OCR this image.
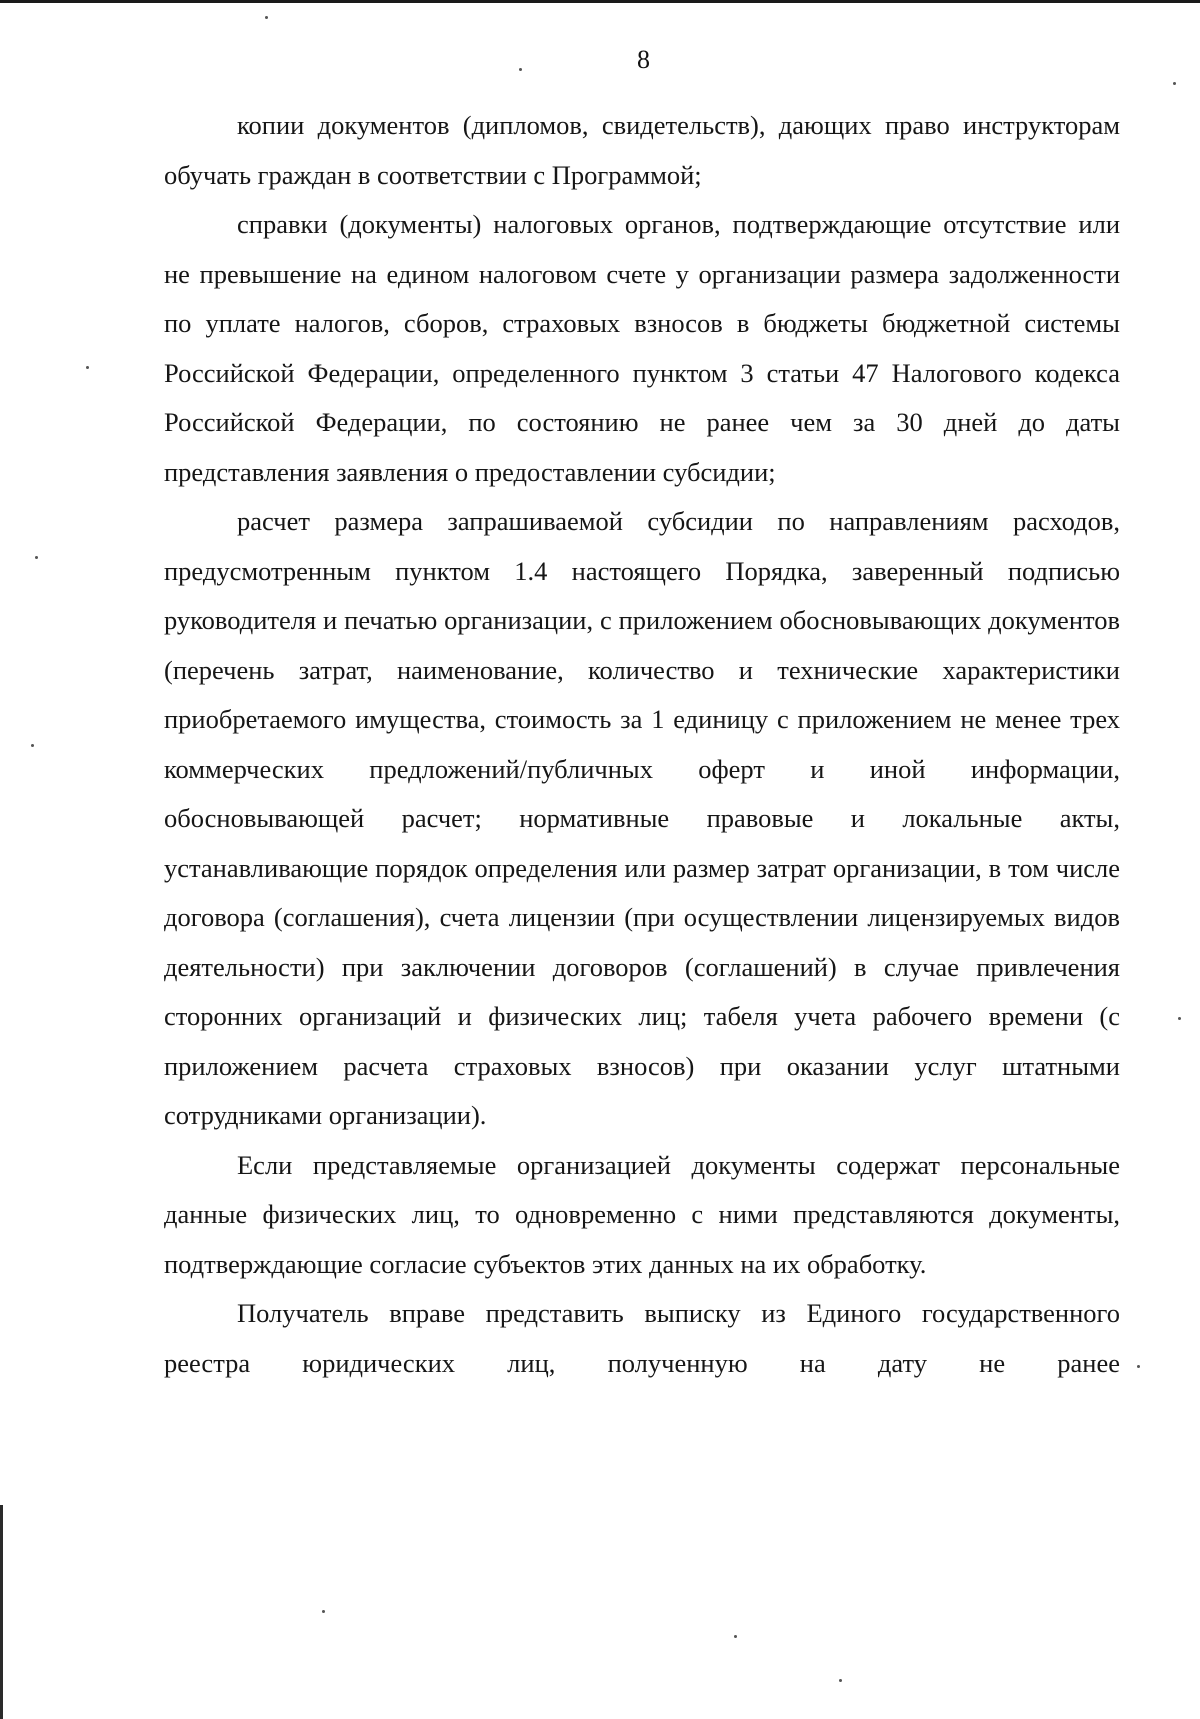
8

копии документов (дипломов, свидетельств), дающих право инструкторам обучать граждан в соответствии с Программой;

справки (документы) налоговых органов, подтверждающие отсутствие или не превышение на едином налоговом счете у организации размера задолженности по уплате налогов, сборов, страховых взносов в бюджеты бюджетной системы Российской Федерации, определенного пунктом 3 статьи 47 Налогового кодекса Российской Федерации, по состоянию не ранее чем за 30 дней до даты представления заявления о предоставлении субсидии;

расчет размера запрашиваемой субсидии по направлениям расходов, предусмотренным пунктом 1.4 настоящего Порядка, заверенный подписью руководителя и печатью организации, с приложением обосновывающих документов (перечень затрат, наименование, количество и технические характеристики приобретаемого имущества, стоимость за 1 единицу с приложением не менее трех коммерческих предложений/публичных оферт и иной информации, обосновывающей расчет; нормативные правовые и локальные акты, устанавливающие порядок определения или размер затрат организации, в том числе договора (соглашения), счета лицензии (при осуществлении лицензируемых видов деятельности) при заключении договоров (соглашений) в случае привлечения сторонних организаций и физических лиц; табеля учета рабочего времени (с приложением расчета страховых взносов) при оказании услуг штатными сотрудниками организации).

Если представляемые организацией документы содержат персональные данные физических лиц, то одновременно с ними представляются документы, подтверждающие согласие субъектов этих данных на их обработку.

Получатель вправе представить выписку из Единого государственного реестра юридических лиц, полученную на дату не ранее
